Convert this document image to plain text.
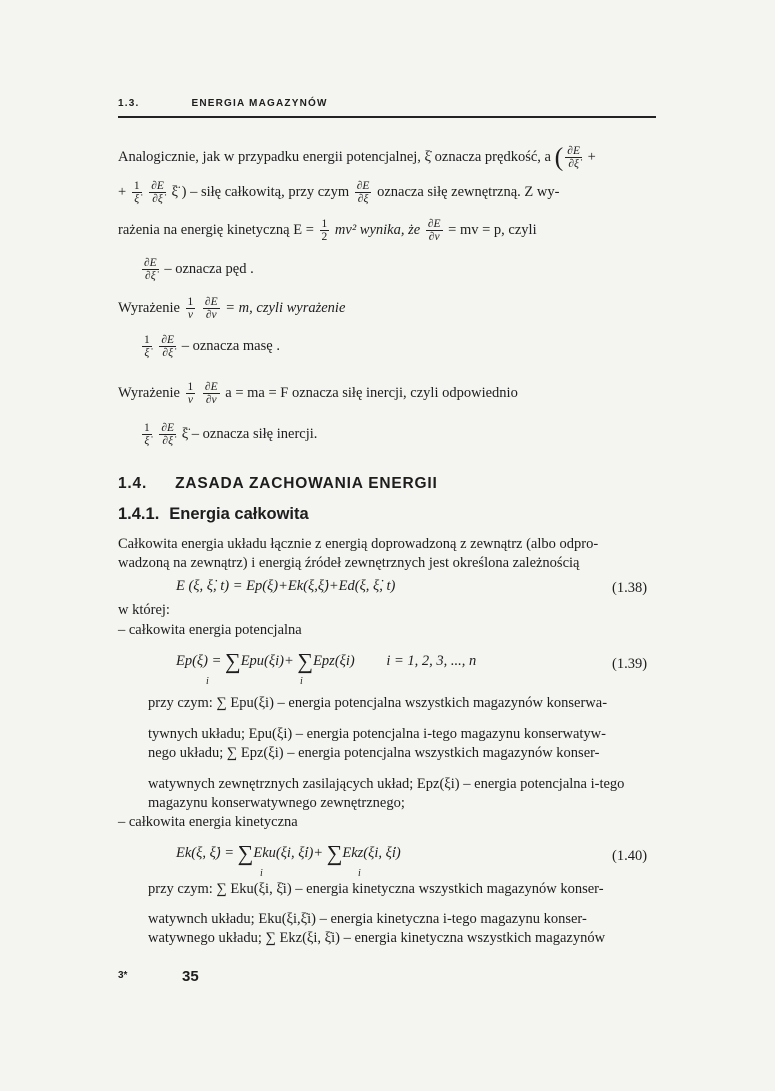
1.3.	ENERGIA MAGAZYNÓW
Analogicznie, jak w przypadku energii potencjalnej, ξ̇ oznacza prędkość, a ( $\frac{\partial E}{\partial\xi̇}$ +
+ $\frac{1}{\xi̇}$
$\frac{\partial E}{\partial\xi̇}$ ξ̈ ) – siłę całkowitą, przy czym $\frac{\partial E}{\partial\xi}$ oznacza siłę zewnętrzną. Z wy-
rażenia na energię kinetyczną $E = \frac{1}{2} mv^2$ wynika, że $\frac{\partial E}{\partial v}$ = mv = p, czyli
$\frac{\partial E}{\partial\xi̇}$ – oznacza pęd .
Wyrażenie $\frac{1}{v}$
$\frac{\partial E}{\partial v} = m$, czyli wyrażenie
$\frac{1}{\xi̇}$
$\frac{\partial E}{\partial\xi̇}$ – oznacza masę .
Wyrażenie $\frac{1}{v}$
$\frac{\partial E}{\partial v}$ a = ma = F oznacza siłę inercji, czyli odpowiednio
$\frac{1}{\xi̇}$
$\frac{\partial E}{\partial\xi̇}$ ξ̈ – oznacza siłę inercji.
1.4. ZASADA ZACHOWANIA ENERGII
1.4.1. Energia całkowita
Całkowita energia układu łącznie z energią doprowadzoną z zewnątrz (albo odpro-
wadzoną na zewnątrz) i energią źródeł zewnętrznych jest określona zależnością
E (ξ, ξ̇, t) = Ep(ξ)+Ek(ξ,ξ̇)+Ed(ξ, ξ̇, t)	(1.38)
w której:
– całkowita energia potencjalna
Ep(ξ) = ∑Epu(ξi)+ ∑Epz(ξi) i = 1, 2, 3, ..., n
i	i
(1.39)
przy czym: ∑ Epu(ξi) – energia potencjalna wszystkich magazynów konserwa-
tywnych układu; Epu(ξi) – energia potencjalna i-tego magazynu konserwatyw-
nego układu; ∑ Epz(ξi) – energia potencjalna wszystkich magazynów konser-
watywnych zewnętrznych zasilających układ; Epz(ξi) – energia potencjalna i-tego
magazynu konserwatywnego zewnętrznego;
– całkowita energia kinetyczna
Ek(ξ, ξ̇) = ∑Eku(ξi, ξ̇i)+ ∑Ekz(ξi, ξ̇i)
i	i
(1.40)
przy czym: ∑ Eku(ξi, ξ̇i) – energia kinetyczna wszystkich magazynów konser-
watywnch układu; Eku(ξi,ξ̇i) – energia kinetyczna i-tego magazynu konser-
watywnego układu; ∑ Ekz(ξi, ξ̇i) – energia kinetyczna wszystkich magazynów
3*	35
